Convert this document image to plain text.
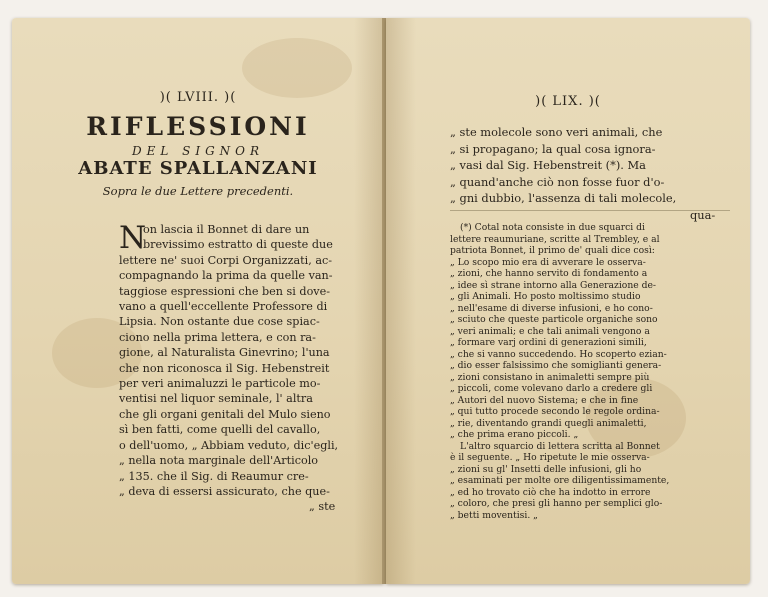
)( LVIII. )(
RIFLESSIONI
DEL SIGNOR
ABATE SPALLANZANI
Sopra le due Lettere precedenti.
N
on lascia il Bonnet di dare un
brevissimo estratto di queste due
lettere ne' suoi Corpi Organizzati, ac-
compagnando la prima da quelle van-
taggiose espressioni che ben si dove-
vano a quell'eccellente Professore di
Lipsia. Non ostante due cose spiac-
ciono nella prima lettera, e con ra-
gione, al Naturalista Ginevrino; l'una
che non riconosca il Sig. Hebenstreit
per veri animaluzzi le particole mo-
ventisi nel liquor seminale, l' altra
che gli organi genitali del Mulo sieno
sì ben fatti, come quelli del cavallo,
o dell'uomo, „ Abbiam veduto, dic'egli,
„ nella nota marginale dell'Articolo
„ 135. che il Sig. di Reaumur cre-
„ deva di essersi assicurato, che que-
„ ste
)( LIX. )(
„ ste molecole sono veri animali, che
„ si propagano; la qual cosa ignora-
„ vasi dal Sig. Hebenstreit (*). Ma
„ quand'anche ciò non fosse fuor d'o-
„ gni dubbio, l'assenza di tali molecole,
qua-
(*) Cotal nota consiste in due squarci di
lettere reaumuriane, scritte al Trembley, e al
patriota Bonnet, il primo de' quali dice così:
„ Lo scopo mio era di avverare le osserva-
„ zioni, che hanno servito di fondamento a
„ idee sì strane intorno alla Generazione de-
„ gli Animali. Ho posto moltissimo studio
„ nell'esame di diverse infusioni, e ho cono-
„ sciuto che queste particole organiche sono
„ veri animali; e che tali animali vengono a
„ formare varj ordini di generazioni simili,
„ che si vanno succedendo. Ho scoperto ezian-
„ dio esser falsissimo che somiglianti genera-
„ zioni consistano in animaletti sempre più
„ piccoli, come volevano darlo a credere gli
„ Autori del nuovo Sistema; e che in fine
„ qui tutto procede secondo le regole ordina-
„ rie, diventando grandi quegli animaletti,
„ che prima erano piccoli. „
L'altro squarcio di lettera scritta al Bonnet
è il seguente. „ Ho ripetute le mie osserva-
„ zioni su gl' Insetti delle infusioni, gli ho
„ esaminati per molte ore diligentissimamente,
„ ed ho trovato ciò che ha indotto in errore
„ coloro, che presi gli hanno per semplici glo-
„ betti moventisi. „
